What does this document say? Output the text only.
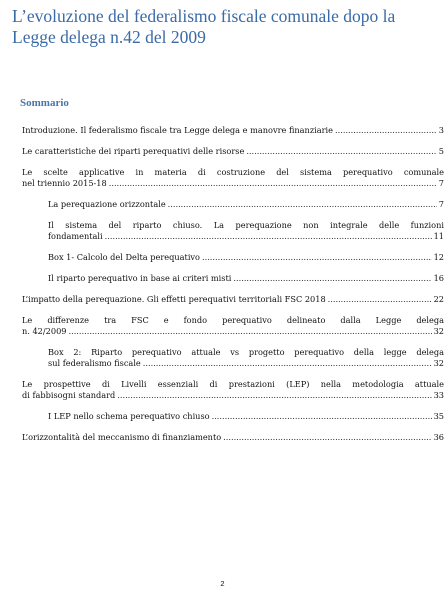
L’evoluzione del federalismo fiscale comunale dopo la Legge delega n.42 del 2009
Sommario
Introduzione. Il federalismo fiscale tra Legge delega e manovre finanziarie .....	3
Le caratteristiche dei riparti perequativi delle risorse .....	5
Le scelte applicative in materia di costruzione del sistema perequativo comunale
nel triennio 2015-18 .....	7
La perequazione orizzontale .....	7
Il sistema del riparto chiuso. La perequazione non integrale delle funzioni
fondamentali .....	11
Box 1- Calcolo del Delta perequativo .....	12
Il riparto perequativo in base ai criteri misti .....	16
L’impatto della perequazione. Gli effetti perequativi territoriali FSC 2018 .....	22
Le differenze tra FSC e fondo perequativo delineato dalla Legge delega
n. 42/2009 .....	32
Box 2: Riparto perequativo attuale vs progetto perequativo della legge delega
sul federalismo fiscale .....	32
Le prospettive di Livelli essenziali di prestazioni (LEP) nella metodologia attuale
di fabbisogni standard .....	33
I LEP nello schema perequativo chiuso .....	35
L’orizzontalità del meccanismo di finanziamento .....	36
2
